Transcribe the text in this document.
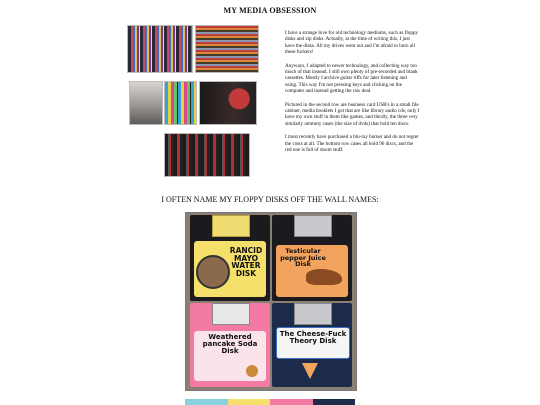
MY MEDIA OBSESSION

I have a strange love for old technology mediums, such as floppy disks and zip disks. Actually, at the time of writing this, I just have the disks. All my drives went out and I'm afraid to burn all these fuckers!

Anyways, I adapted to newer technology, and collecting way too much of that instead. I still own plenty of pre-recorded and blank cassettes. Mostly I archive guitar riffs for later listening and using. This way I'm not pressing keys and clicking on the computer and instead getting the raw deal.

Pictured in the second row are business card USB's in a small file cabinet, media booklets I got that are like library audio cds, only I have my own stuff in them like games, and thirdly, the three very similarly ummmy cases (the size of dvds) that hold ten discs.

I most recently have purchased a blu-ray burner and do not regret the costs at all. The bottom row cases all hold 96 discs, and the red one is full of doom stuff.

I OFTEN NAME MY FLOPPY DISKS OFF THE WALL NAMES:
RANCID MAYO WATER DISK
Testicular pepper Juice Disk
Weathered pancake Soda Disk
The Cheese-Fuck Theory Disk
